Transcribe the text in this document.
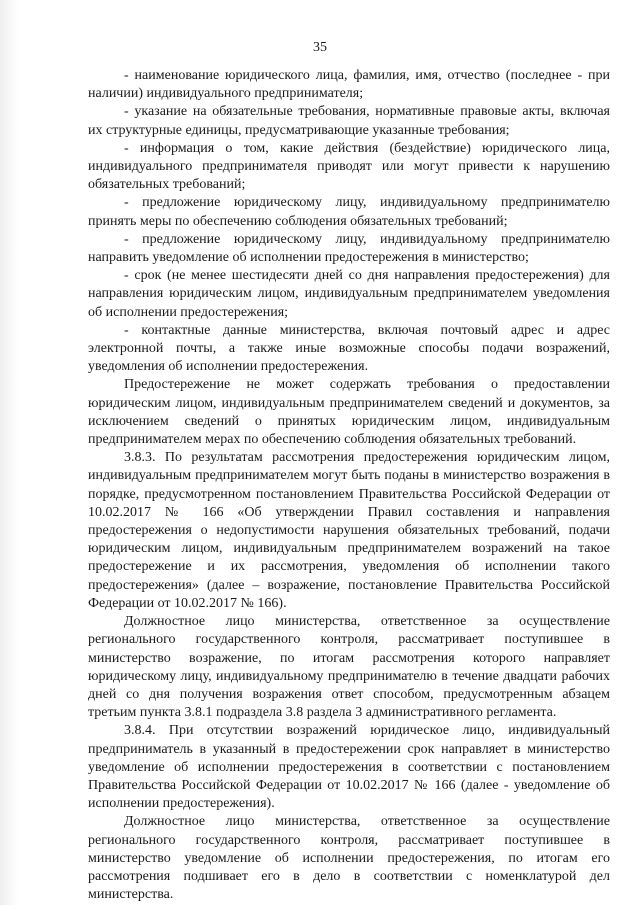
35

- наименование юридического лица, фамилия, имя, отчество (последнее - при наличии) индивидуального предпринимателя;

- указание на обязательные требования, нормативные правовые акты, включая их структурные единицы, предусматривающие указанные требования;

- информация о том, какие действия (бездействие) юридического лица, индивидуального предпринимателя приводят или могут привести к нарушению обязательных требований;

- предложение юридическому лицу, индивидуальному предпринимателю принять меры по обеспечению соблюдения обязательных требований;

- предложение юридическому лицу, индивидуальному предпринимателю направить уведомление об исполнении предостережения в министерство;

- срок (не менее шестидесяти дней со дня направления предостережения) для направления юридическим лицом, индивидуальным предпринимателем уведомления об исполнении предостережения;

- контактные данные министерства, включая почтовый адрес и адрес электронной почты, а также иные возможные способы подачи возражений, уведомления об исполнении предостережения.

Предостережение не может содержать требования о предоставлении юридическим лицом, индивидуальным предпринимателем сведений и документов, за исключением сведений о принятых юридическим лицом, индивидуальным предпринимателем мерах по обеспечению соблюдения обязательных требований.

3.8.3. По результатам рассмотрения предостережения юридическим лицом, индивидуальным предпринимателем могут быть поданы в министерство возражения в порядке, предусмотренном постановлением Правительства Российской Федерации от 10.02.2017 № 166 «Об утверждении Правил составления и направления предостережения о недопустимости нарушения обязательных требований, подачи юридическим лицом, индивидуальным предпринимателем возражений на такое предостережение и их рассмотрения, уведомления об исполнении такого предостережения» (далее – возражение, постановление Правительства Российской Федерации от 10.02.2017 № 166).

Должностное лицо министерства, ответственное за осуществление регионального государственного контроля, рассматривает поступившее в министерство возражение, по итогам рассмотрения которого направляет юридическому лицу, индивидуальному предпринимателю в течение двадцати рабочих дней со дня получения возражения ответ способом, предусмотренным абзацем третьим пункта 3.8.1 подраздела 3.8 раздела 3 административного регламента.

3.8.4. При отсутствии возражений юридическое лицо, индивидуальный предприниматель в указанный в предостережении срок направляет в министерство уведомление об исполнении предостережения в соответствии с постановлением Правительства Российской Федерации от 10.02.2017 № 166 (далее - уведомление об исполнении предостережения).

Должностное лицо министерства, ответственное за осуществление регионального государственного контроля, рассматривает поступившее в министерство уведомление об исполнении предостережения, по итогам его рассмотрения подшивает его в дело в соответствии с номенклатурой дел министерства.
